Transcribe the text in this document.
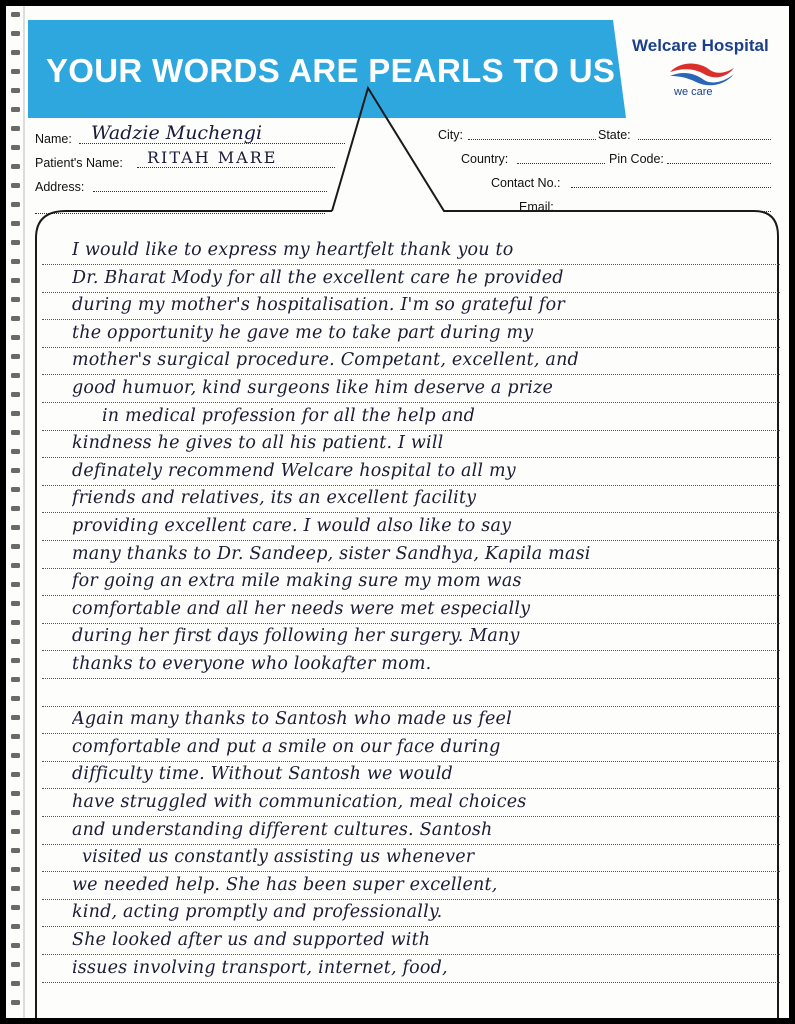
YOUR WORDS ARE PEARLS TO US
Welcare Hospital
we care
Name: Wadzie Muchengi
Patient's Name: RITAH MARE
Address:
City:	State:
Country:	Pin Code:
Contact No.:
Email:
I would like to express my heartfelt thank you to
Dr. Bharat Mody for all the excellent care he provided
during my mother's hospitalisation. I'm so grateful for
the opportunity he gave me to take part during my
mother's surgical procedure. Competant, excellent, and
good humuor, kind surgeons like him deserve a prize
in medical profession for all the help and
kindness he gives to all his patient. I will
definately recommend Welcare hospital to all my
friends and relatives, its an excellent facility
providing excellent care. I would also like to say
many thanks to Dr. Sandeep, sister Sandhya, Kapila masi
for going an extra mile making sure my mom was
comfortable and all her needs were met especially
during her first days following her surgery. Many
thanks to everyone who lookafter mom.
Again many thanks to Santosh who made us feel
comfortable and put a smile on our face during
difficulty time. Without Santosh we would
have struggled with communication, meal choices
and understanding different cultures. Santosh
visited us constantly assisting us whenever
we needed help. She has been super excellent,
kind, acting promptly and professionally.
She looked after us and supported with
issues involving transport, internet, food,
